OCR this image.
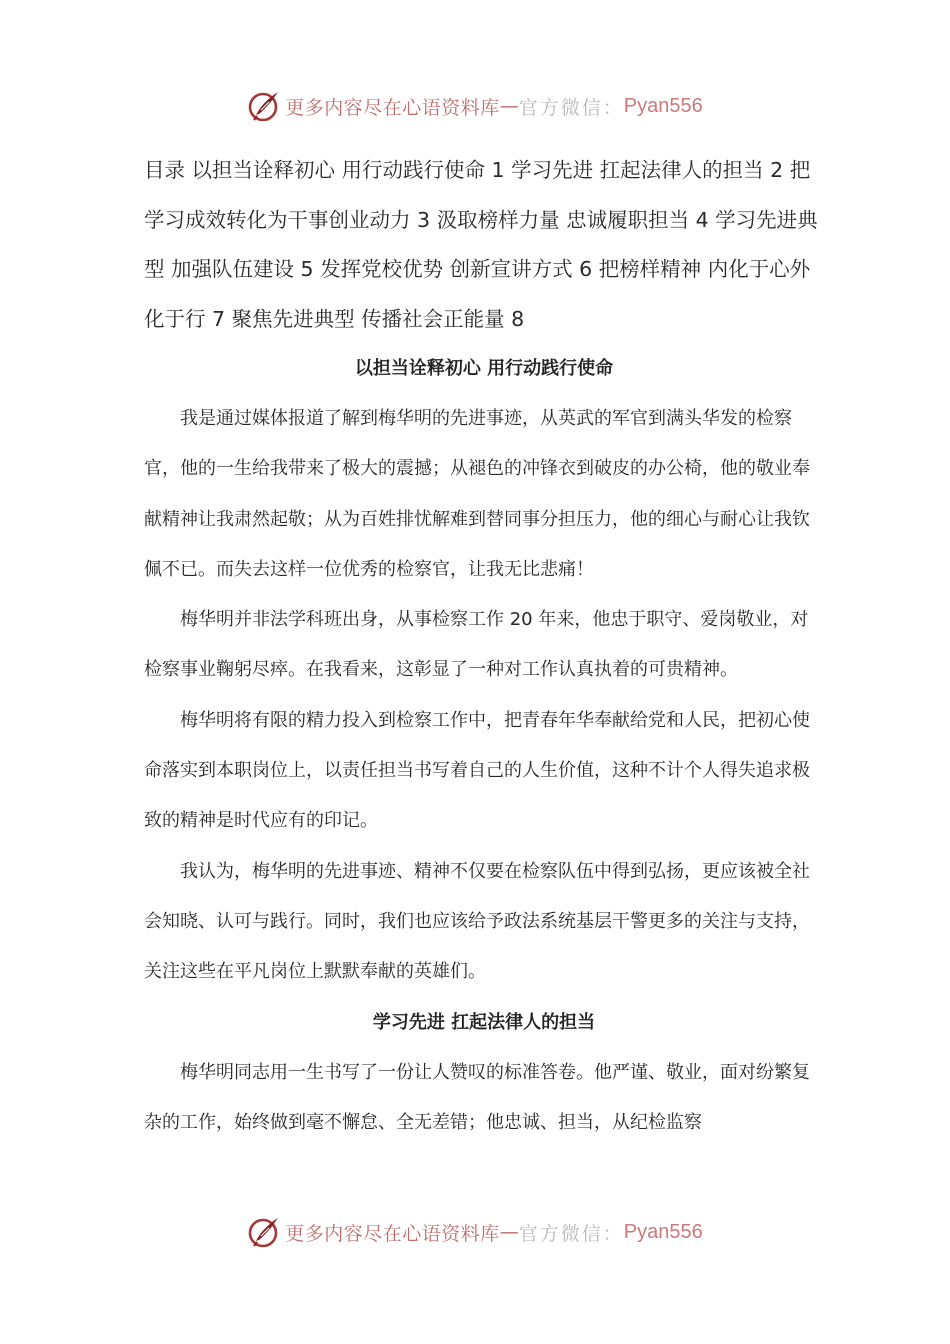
更多内容尽在心语资料库 — 官方微信： Pyan556

目录 以担当诠释初心 用行动践行使命 1 学习先进 扛起法律人的担当 2 把学习成效转化为干事创业动力 3 汲取榜样力量 忠诚履职担当 4 学习先进典型 加强队伍建设 5 发挥党校优势 创新宣讲方式 6 把榜样精神 内化于心外化于行 7 聚焦先进典型 传播社会正能量 8

以担当诠释初心 用行动践行使命

我是通过媒体报道了解到梅华明的先进事迹，从英武的军官到满头华发的检察官，他的一生给我带来了极大的震撼；从褪色的冲锋衣到破皮的办公椅，他的敬业奉献精神让我肃然起敬；从为百姓排忧解难到替同事分担压力，他的细心与耐心让我钦佩不已。而失去这样一位优秀的检察官，让我无比悲痛！

梅华明并非法学科班出身，从事检察工作 20 年来，他忠于职守、爱岗敬业，对检察事业鞠躬尽瘁。在我看来，这彰显了一种对工作认真执着的可贵精神。

梅华明将有限的精力投入到检察工作中，把青春年华奉献给党和人民，把初心使命落实到本职岗位上，以责任担当书写着自己的人生价值，这种不计个人得失追求极致的精神是时代应有的印记。

我认为，梅华明的先进事迹、精神不仅要在检察队伍中得到弘扬，更应该被全社会知晓、认可与践行。同时，我们也应该给予政法系统基层干警更多的关注与支持，关注这些在平凡岗位上默默奉献的英雄们。

学习先进 扛起法律人的担当

梅华明同志用一生书写了一份让人赞叹的标准答卷。他严谨、敬业，面对纷繁复杂的工作，始终做到毫不懈怠、全无差错；他忠诚、担当，从纪检监察

更多内容尽在心语资料库 — 官方微信： Pyan556
